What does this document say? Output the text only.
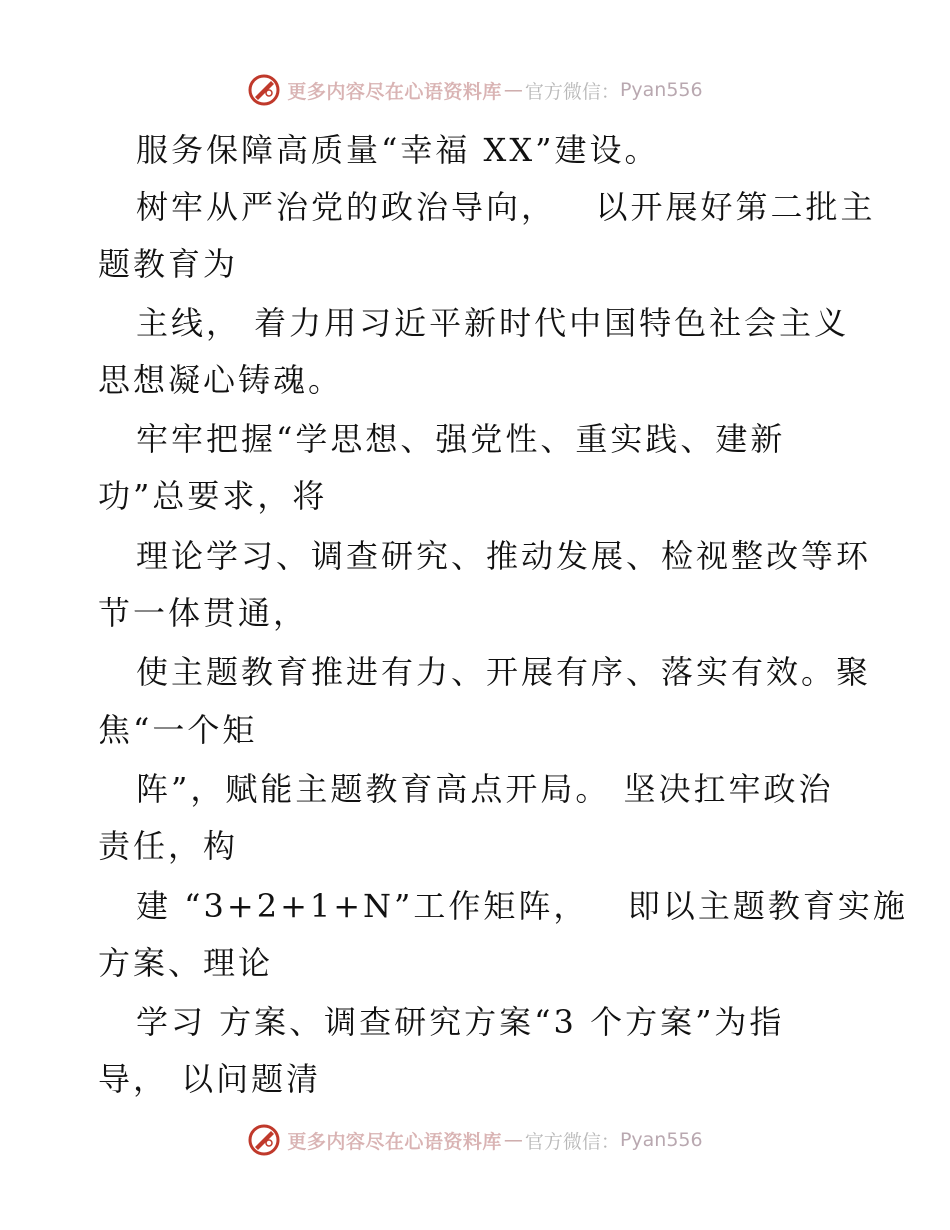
更多内容尽在心语资料库 — 官方微信： Pyan556
服务保障高质量“幸福 XX”建设。
树牢从严治党的政治导向，   以开展好第二批主
题教育为
主线， 着力用习近平新时代中国特色社会主义
思想凝心铸魂。
牢牢把握“学思想、强党性、重实践、建新
功”总要求，将
理论学习、调查研究、推动发展、检视整改等环
节一体贯通，
使主题教育推进有力、开展有序、落实有效。聚
焦“一个矩
阵”，赋能主题教育高点开局。 坚决扛牢政治
责任，构
建 “3+2+1+N”工作矩阵，   即以主题教育实施
方案、理论
学习 方案、调查研究方案“3 个方案”为指
导， 以问题清
更多内容尽在心语资料库 — 官方微信： Pyan556
